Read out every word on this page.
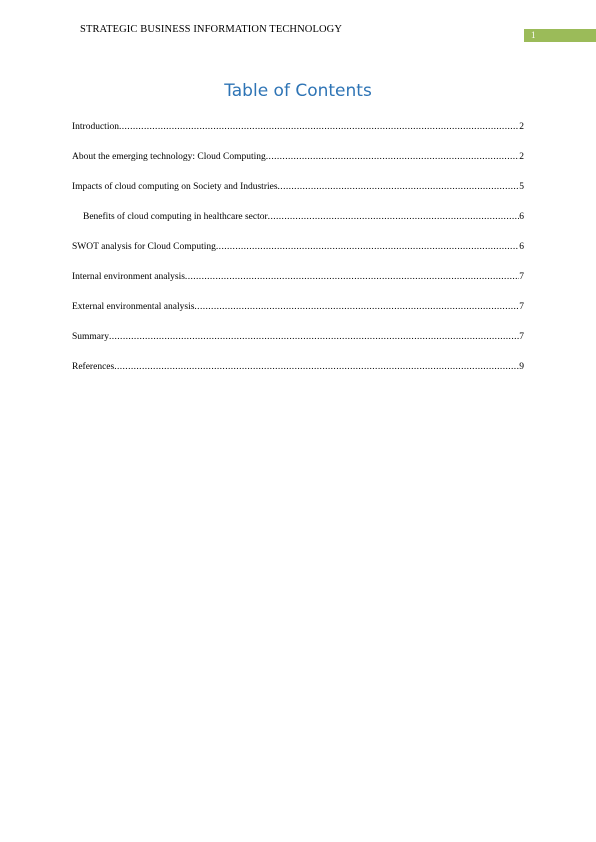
STRATEGIC BUSINESS INFORMATION TECHNOLOGY	1
Table of Contents
Introduction .....	2
About the emerging technology: Cloud Computing .....	2
Impacts of cloud computing on Society and Industries .....	5
Benefits of cloud computing in healthcare sector .....	6
SWOT analysis for Cloud Computing .....	6
Internal environment analysis .....	7
External environmental analysis .....	7
Summary .....	7
References .....	9
